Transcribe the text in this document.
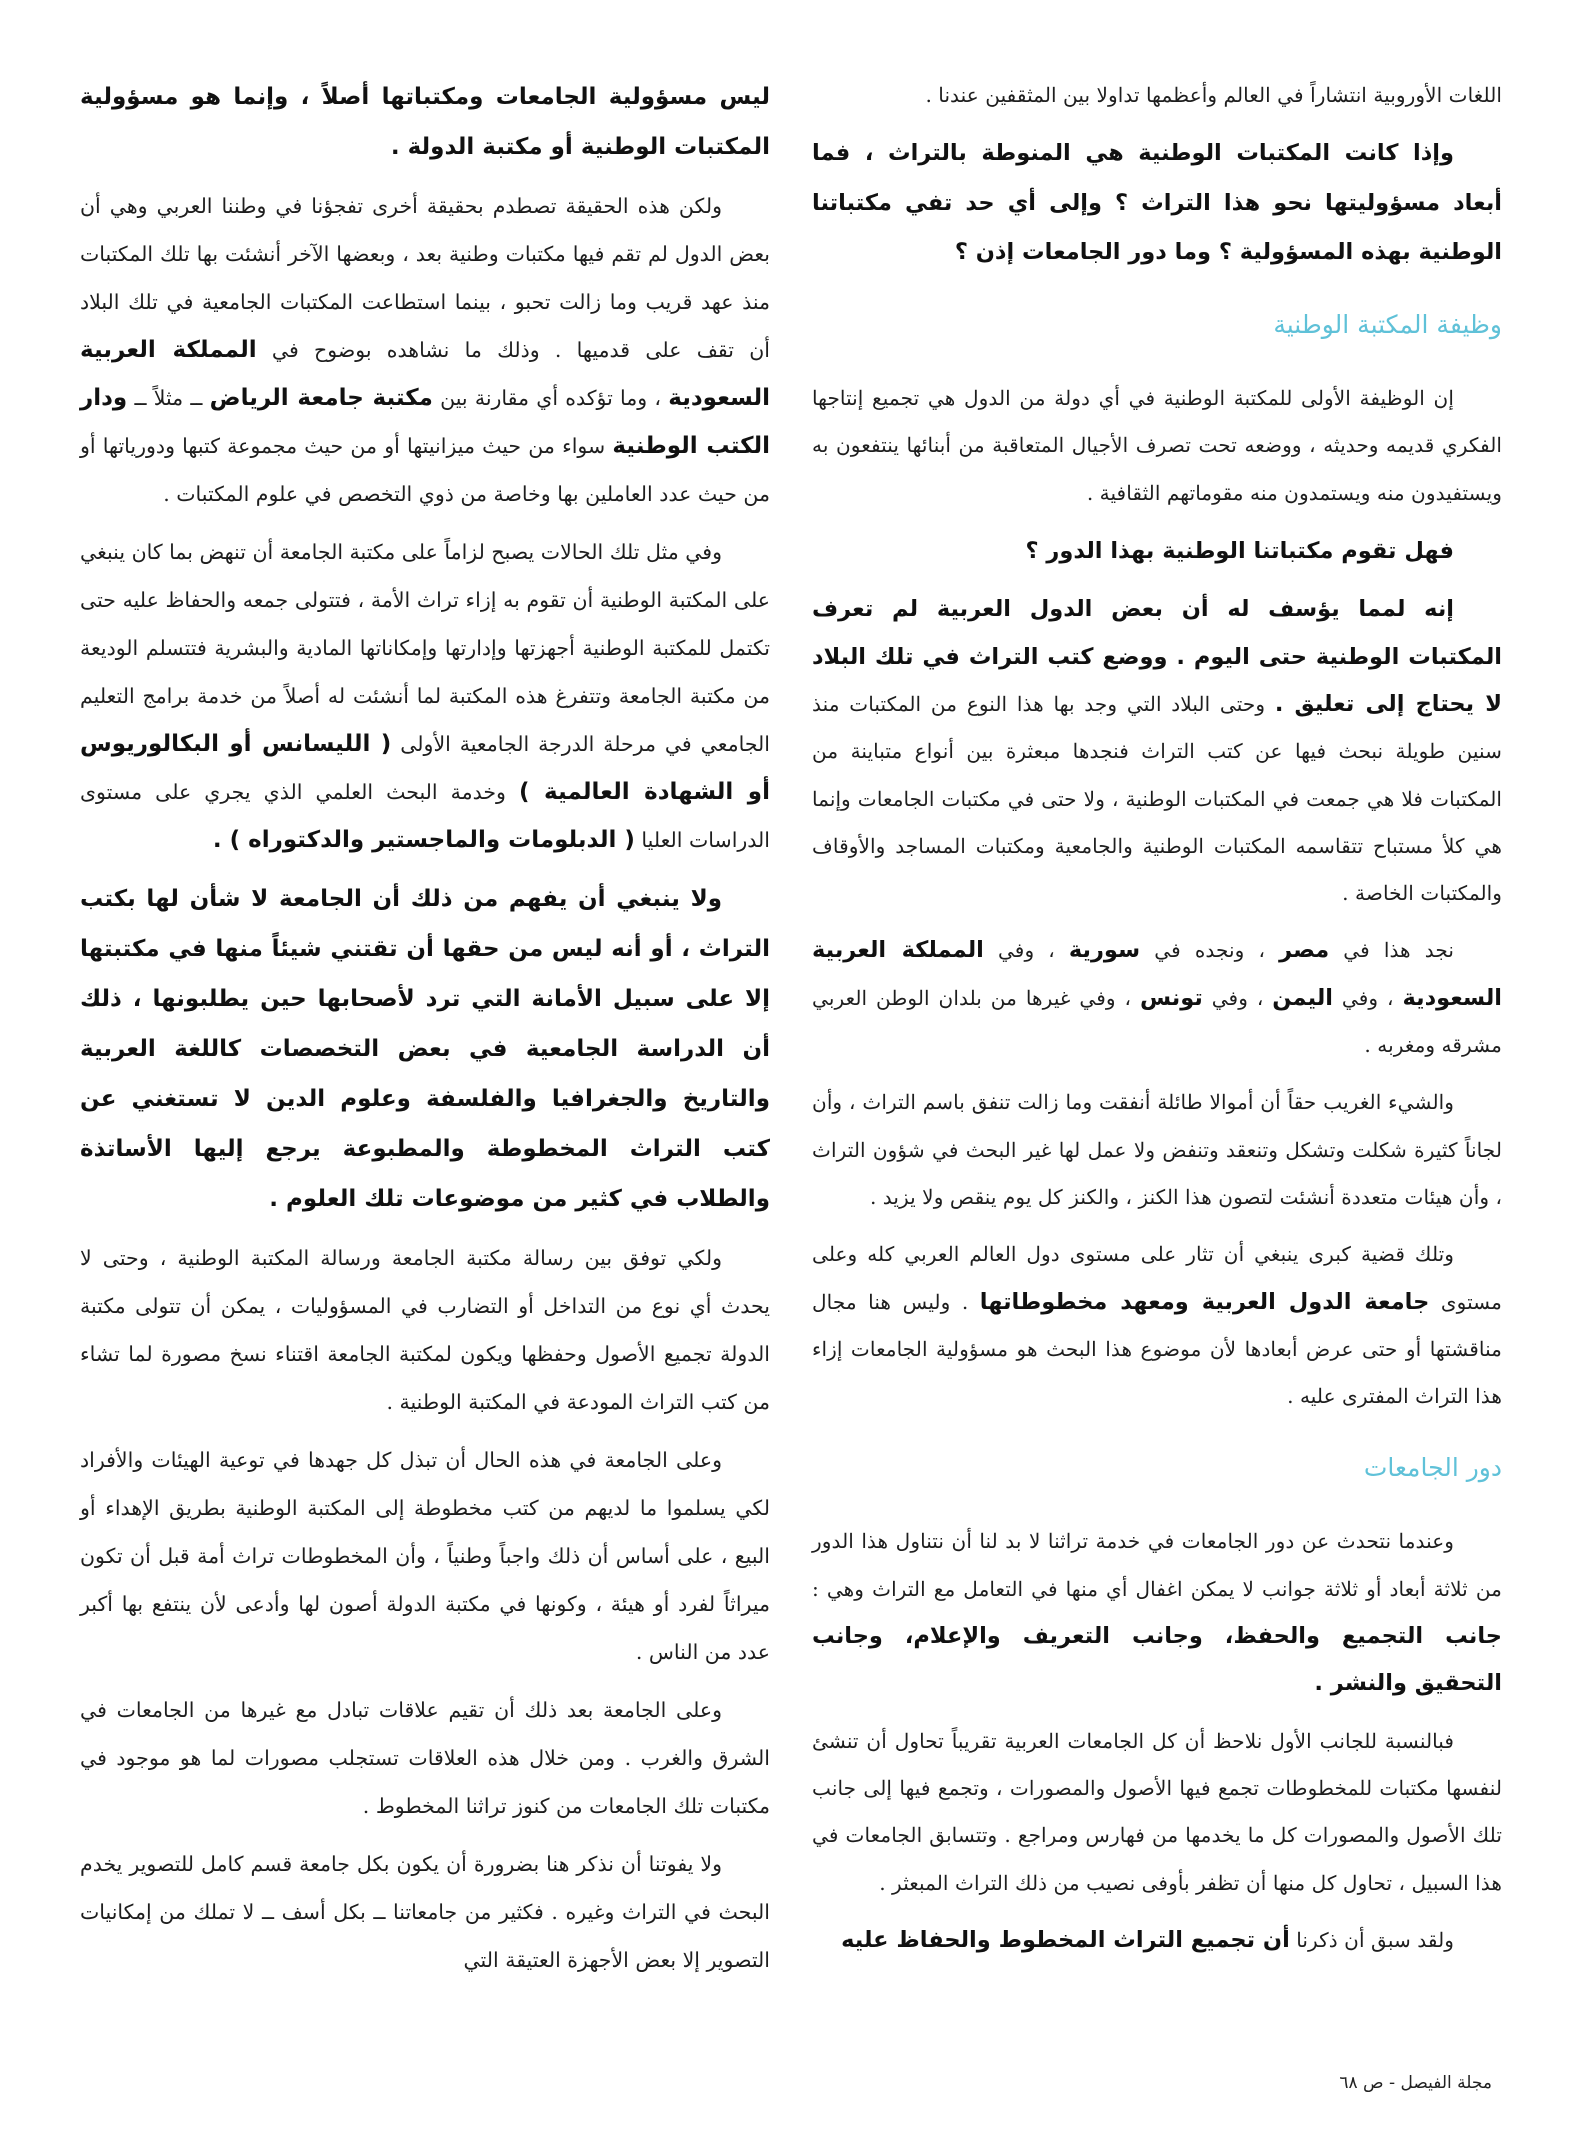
اللغات الأوروبية انتشاراً في العالم وأعظمها تداولا بين المثقفين عندنا .

وإذا كانت المكتبات الوطنية هي المنوطة بالتراث ، فما أبعاد مسؤوليتها نحو هذا التراث ؟ وإلى أي حد تفي مكتباتنا الوطنية بهذه المسؤولية ؟ وما دور الجامعات إذن ؟

وظيفة المكتبة الوطنية

إن الوظيفة الأولى للمكتبة الوطنية في أي دولة من الدول هي تجميع إنتاجها الفكري قديمه وحديثه ، ووضعه تحت تصرف الأجيال المتعاقبة من أبنائها ينتفعون به ويستفيدون منه ويستمدون منه مقوماتهم الثقافية .

فهل تقوم مكتباتنا الوطنية بهذا الدور ؟

إنه لمما يؤسف له أن بعض الدول العربية لم تعرف المكتبات الوطنية حتى اليوم . ووضع كتب التراث في تلك البلاد لا يحتاج إلى تعليق . وحتى البلاد التي وجد بها هذا النوع من المكتبات منذ سنين طويلة نبحث فيها عن كتب التراث فنجدها مبعثرة بين أنواع متباينة من المكتبات فلا هي جمعت في المكتبات الوطنية ، ولا حتى في مكتبات الجامعات وإنما هي كلأ مستباح تتقاسمه المكتبات الوطنية والجامعية ومكتبات المساجد والأوقاف والمكتبات الخاصة .

نجد هذا في مصر ، ونجده في سورية ، وفي المملكة العربية السعودية ، وفي اليمن ، وفي تونس ، وفي غيرها من بلدان الوطن العربي مشرقه ومغربه .

والشيء الغريب حقاً أن أموالا طائلة أنفقت وما زالت تنفق باسم التراث ، وأن لجاناً كثيرة شكلت وتشكل وتنعقد وتنفض ولا عمل لها غير البحث في شؤون التراث ، وأن هيئات متعددة أنشئت لتصون هذا الكنز ، والكنز كل يوم ينقص ولا يزيد .

وتلك قضية كبرى ينبغي أن تثار على مستوى دول العالم العربي كله وعلى مستوى جامعة الدول العربية ومعهد مخطوطاتها . وليس هنا مجال مناقشتها أو حتى عرض أبعادها لأن موضوع هذا البحث هو مسؤولية الجامعات إزاء هذا التراث المفترى عليه .

دور الجامعات

وعندما نتحدث عن دور الجامعات في خدمة تراثنا لا بد لنا أن نتناول هذا الدور من ثلاثة أبعاد أو ثلاثة جوانب لا يمكن اغفال أي منها في التعامل مع التراث وهي : جانب التجميع والحفظ، وجانب التعريف والإعلام، وجانب التحقيق والنشر .

فبالنسبة للجانب الأول نلاحظ أن كل الجامعات العربية تقريباً تحاول أن تنشئ لنفسها مكتبات للمخطوطات تجمع فيها الأصول والمصورات ، وتجمع فيها إلى جانب تلك الأصول والمصورات كل ما يخدمها من فهارس ومراجع . وتتسابق الجامعات في هذا السبيل ، تحاول كل منها أن تظفر بأوفى نصيب من ذلك التراث المبعثر .

ولقد سبق أن ذكرنا أن تجميع التراث المخطوط والحفاظ عليه

ليس مسؤولية الجامعات ومكتباتها أصلاً ، وإنما هو مسؤولية المكتبات الوطنية أو مكتبة الدولة .

ولكن هذه الحقيقة تصطدم بحقيقة أخرى تفجؤنا في وطننا العربي وهي أن بعض الدول لم تقم فيها مكتبات وطنية بعد ، وبعضها الآخر أنشئت بها تلك المكتبات منذ عهد قريب وما زالت تحبو ، بينما استطاعت المكتبات الجامعية في تلك البلاد أن تقف على قدميها . وذلك ما نشاهده بوضوح في المملكة العربية السعودية ، وما تؤكده أي مقارنة بين مكتبة جامعة الرياض ــ مثلاً ــ ودار الكتب الوطنية سواء من حيث ميزانيتها أو من حيث مجموعة كتبها ودورياتها أو من حيث عدد العاملين بها وخاصة من ذوي التخصص في علوم المكتبات .

وفي مثل تلك الحالات يصبح لزاماً على مكتبة الجامعة أن تنهض بما كان ينبغي على المكتبة الوطنية أن تقوم به إزاء تراث الأمة ، فتتولى جمعه والحفاظ عليه حتى تكتمل للمكتبة الوطنية أجهزتها وإدارتها وإمكاناتها المادية والبشرية فتتسلم الوديعة من مكتبة الجامعة وتتفرغ هذه المكتبة لما أنشئت له أصلاً من خدمة برامج التعليم الجامعي في مرحلة الدرجة الجامعية الأولى ( الليسانس أو البكالوريوس أو الشهادة العالمية ) وخدمة البحث العلمي الذي يجري على مستوى الدراسات العليا ( الدبلومات والماجستير والدكتوراه ) .

ولا ينبغي أن يفهم من ذلك أن الجامعة لا شأن لها بكتب التراث ، أو أنه ليس من حقها أن تقتني شيئاً منها في مكتبتها إلا على سبيل الأمانة التي ترد لأصحابها حين يطلبونها ، ذلك أن الدراسة الجامعية في بعض التخصصات كاللغة العربية والتاريخ والجغرافيا والفلسفة وعلوم الدين لا تستغني عن كتب التراث المخطوطة والمطبوعة يرجع إليها الأساتذة والطلاب في كثير من موضوعات تلك العلوم .

ولكي توفق بين رسالة مكتبة الجامعة ورسالة المكتبة الوطنية ، وحتى لا يحدث أي نوع من التداخل أو التضارب في المسؤوليات ، يمكن أن تتولى مكتبة الدولة تجميع الأصول وحفظها ويكون لمكتبة الجامعة اقتناء نسخ مصورة لما تشاء من كتب التراث المودعة في المكتبة الوطنية .

وعلى الجامعة في هذه الحال أن تبذل كل جهدها في توعية الهيئات والأفراد لكي يسلموا ما لديهم من كتب مخطوطة إلى المكتبة الوطنية بطريق الإهداء أو البيع ، على أساس أن ذلك واجباً وطنياً ، وأن المخطوطات تراث أمة قبل أن تكون ميراثاً لفرد أو هيئة ، وكونها في مكتبة الدولة أصون لها وأدعى لأن ينتفع بها أكبر عدد من الناس .

وعلى الجامعة بعد ذلك أن تقيم علاقات تبادل مع غيرها من الجامعات في الشرق والغرب . ومن خلال هذه العلاقات تستجلب مصورات لما هو موجود في مكتبات تلك الجامعات من كنوز تراثنا المخطوط .

ولا يفوتنا أن نذكر هنا بضرورة أن يكون بكل جامعة قسم كامل للتصوير يخدم البحث في التراث وغيره . فكثير من جامعاتنا ــ بكل أسف ــ لا تملك من إمكانيات التصوير إلا بعض الأجهزة العتيقة التي

مجلة الفيصل - ص ٦٨
